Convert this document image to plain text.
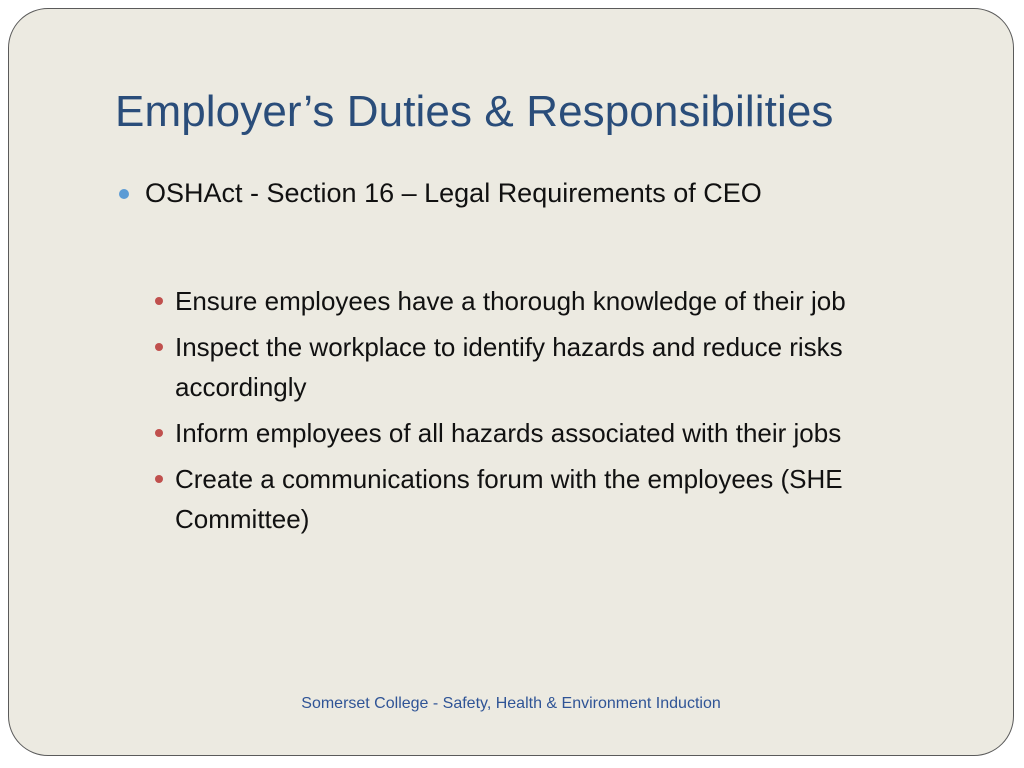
Employer’s Duties & Responsibilities
OSHAct - Section 16 – Legal Requirements of CEO
Ensure employees have a thorough knowledge of their job
Inspect the workplace to identify hazards and reduce risks accordingly
Inform employees of all hazards associated with their jobs
Create a communications forum with the employees (SHE Committee)
Somerset College - Safety, Health & Environment Induction
